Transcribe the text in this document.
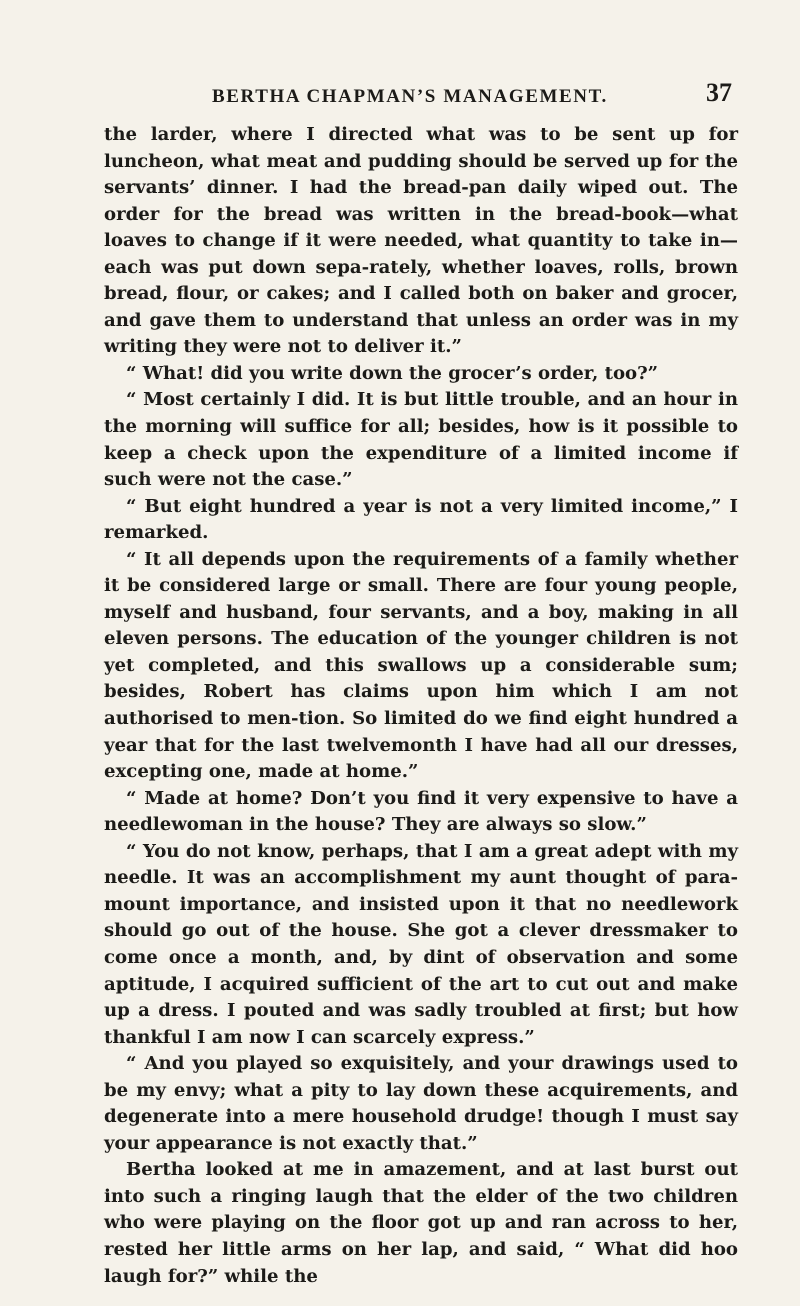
BERTHA CHAPMAN’S MANAGEMENT.	37

the larder, where I directed what was to be sent up for luncheon, what meat and pudding should be served up for the servants’ dinner. I had the bread-pan daily wiped out. The order for the bread was written in the bread-book—what loaves to change if it were needed, what quantity to take in—each was put down sepa-rately, whether loaves, rolls, brown bread, flour, or cakes; and I called both on baker and grocer, and gave them to understand that unless an order was in my writing they were not to deliver it.”

“ What! did you write down the grocer’s order, too?”

“ Most certainly I did. It is but little trouble, and an hour in the morning will suffice for all; besides, how is it possible to keep a check upon the expenditure of a limited income if such were not the case.”

“ But eight hundred a year is not a very limited income,” I remarked.

“ It all depends upon the requirements of a family whether it be considered large or small. There are four young people, myself and husband, four servants, and a boy, making in all eleven persons. The education of the younger children is not yet completed, and this swallows up a considerable sum; besides, Robert has claims upon him which I am not authorised to men-tion. So limited do we find eight hundred a year that for the last twelvemonth I have had all our dresses, excepting one, made at home.”

“ Made at home? Don’t you find it very expensive to have a needlewoman in the house? They are always so slow.”

“ You do not know, perhaps, that I am a great adept with my needle. It was an accomplishment my aunt thought of para-mount importance, and insisted upon it that no needlework should go out of the house. She got a clever dressmaker to come once a month, and, by dint of observation and some aptitude, I acquired sufficient of the art to cut out and make up a dress. I pouted and was sadly troubled at first; but how thankful I am now I can scarcely express.”

“ And you played so exquisitely, and your drawings used to be my envy; what a pity to lay down these acquirements, and degenerate into a mere household drudge! though I must say your appearance is not exactly that.”

Bertha looked at me in amazement, and at last burst out into such a ringing laugh that the elder of the two children who were playing on the floor got up and ran across to her, rested her little arms on her lap, and said, “ What did hoo laugh for?” while the
